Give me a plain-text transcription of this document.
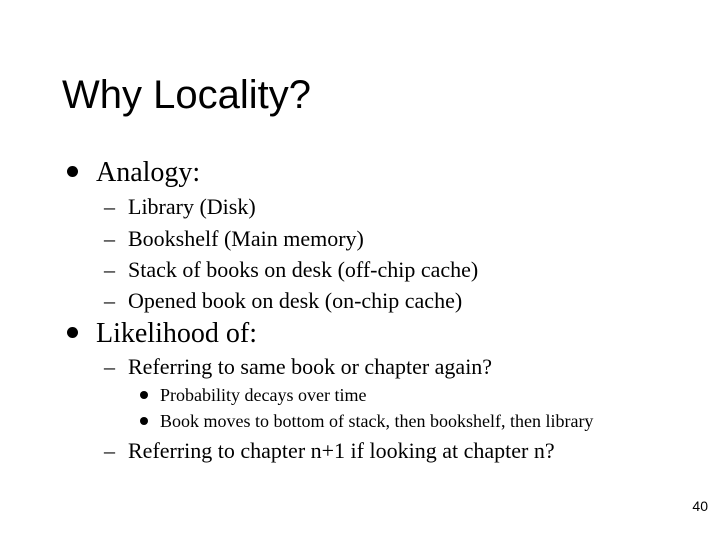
Why Locality?
Analogy:
– Library (Disk)
– Bookshelf (Main memory)
– Stack of books on desk (off-chip cache)
– Opened book on desk (on-chip cache)
Likelihood of:
– Referring to same book or chapter again?
Probability decays over time
Book moves to bottom of stack, then bookshelf, then library
– Referring to chapter n+1 if looking at chapter n?
40
